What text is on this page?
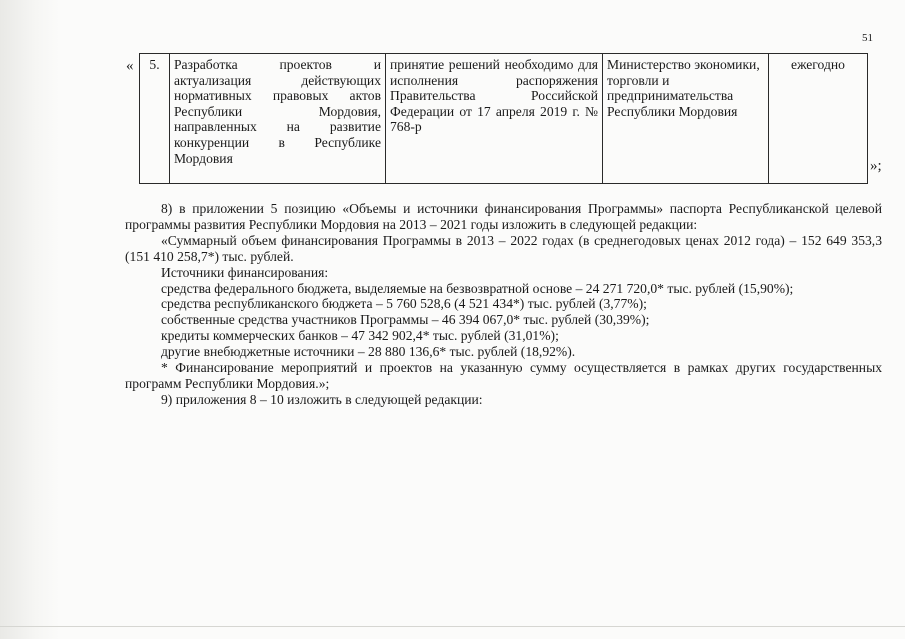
51
« 5.	Разработка проектов и актуализация действующих нормативных правовых актов Республики Мордовия, направленных на развитие конкуренции в Республике Мордовия	принятие решений необходимо для исполнения распоряжения Правительства Российской Федерации от 17 апреля 2019 г. № 768-р	Министерство экономики, торговли и предпринимательства Республики Мордовия	ежегодно
»;

8) в приложении 5 позицию «Объемы и источники финансирования Программы» паспорта Республиканской целевой программы развития Республики Мордовия на 2013 – 2021 годы изложить в следующей редакции:

«Суммарный объем финансирования Программы в 2013 – 2022 годах (в среднегодовых ценах 2012 года) – 152 649 353,3 (151 410 258,7*) тыс. рублей.

Источники финансирования:

средства федерального бюджета, выделяемые на безвозвратной основе – 24 271 720,0* тыс. рублей (15,90%);

средства республиканского бюджета – 5 760 528,6 (4 521 434*) тыс. рублей (3,77%);

собственные средства участников Программы – 46 394 067,0* тыс. рублей (30,39%);

кредиты коммерческих банков – 47 342 902,4* тыс. рублей (31,01%);

другие внебюджетные источники – 28 880 136,6* тыс. рублей (18,92%).

* Финансирование мероприятий и проектов на указанную сумму осуществляется в рамках других государственных программ Республики Мордовия.»;

9) приложения 8 – 10 изложить в следующей редакции:
